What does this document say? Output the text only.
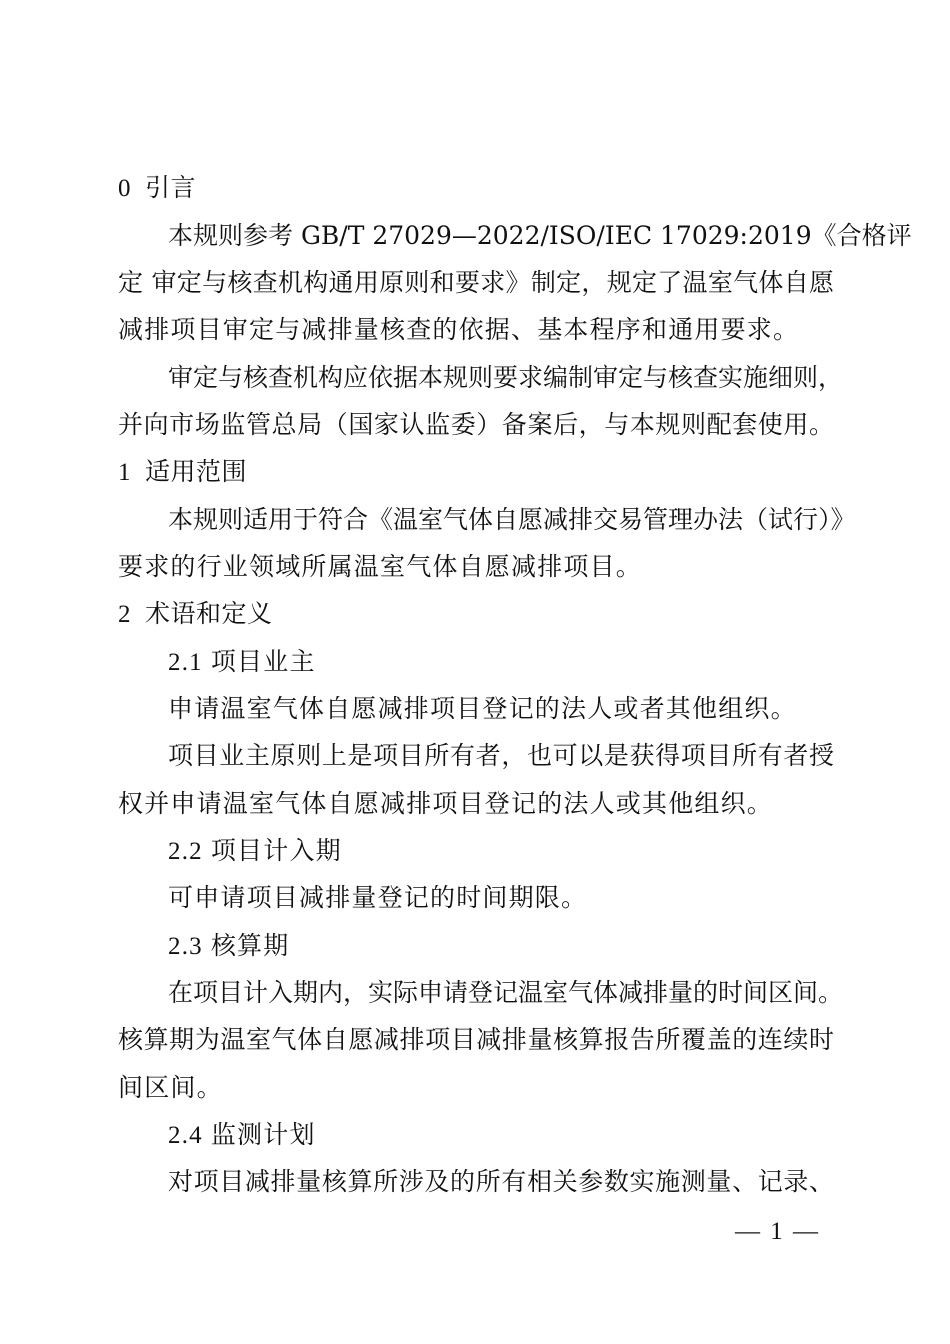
0 引言
本规则参考 GB/T 27029—2022/ISO/IEC 17029:2019《合格评
定 审定与核查机构通用原则和要求》制定，规定了温室气体自愿
减排项目审定与减排量核查的依据、基本程序和通用要求。
审定与核查机构应依据本规则要求编制审定与核查实施细则，
并向市场监管总局（国家认监委）备案后，与本规则配套使用。
1 适用范围
本规则适用于符合《温室气体自愿减排交易管理办法（试行）》
要求的行业领域所属温室气体自愿减排项目。
2 术语和定义
2.1 项目业主
申请温室气体自愿减排项目登记的法人或者其他组织。
项目业主原则上是项目所有者，也可以是获得项目所有者授
权并申请温室气体自愿减排项目登记的法人或其他组织。
2.2 项目计入期
可申请项目减排量登记的时间期限。
2.3 核算期
在项目计入期内，实际申请登记温室气体减排量的时间区间。
核算期为温室气体自愿减排项目减排量核算报告所覆盖的连续时
间区间。
2.4 监测计划
对项目减排量核算所涉及的所有相关参数实施测量、记录、
— 1 —
